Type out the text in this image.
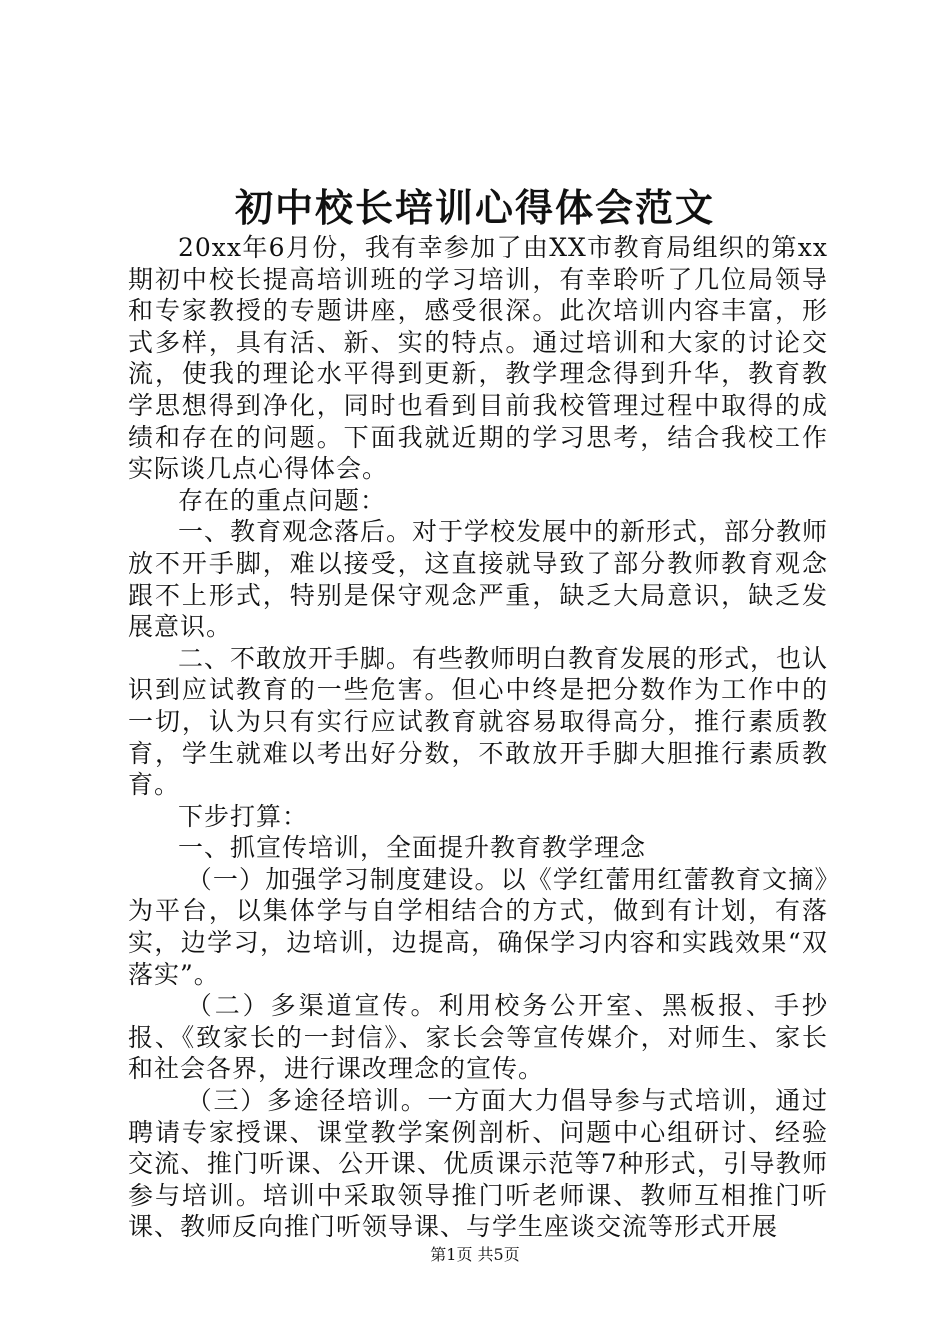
初中校长培训心得体会范文

20xx年6月份，我有幸参加了由XX市教育局组织的第xx期初中校长提高培训班的学习培训，有幸聆听了几位局领导和专家教授的专题讲座，感受很深。此次培训内容丰富，形式多样，具有活、新、实的特点。通过培训和大家的讨论交流，使我的理论水平得到更新，教学理念得到升华，教育教学思想得到净化，同时也看到目前我校管理过程中取得的成绩和存在的问题。下面我就近期的学习思考，结合我校工作实际谈几点心得体会。

存在的重点问题：

一、教育观念落后。对于学校发展中的新形式，部分教师放不开手脚，难以接受，这直接就导致了部分教师教育观念跟不上形式，特别是保守观念严重，缺乏大局意识，缺乏发展意识。

二、不敢放开手脚。有些教师明白教育发展的形式，也认识到应试教育的一些危害。但心中终是把分数作为工作中的一切，认为只有实行应试教育就容易取得高分，推行素质教育，学生就难以考出好分数，不敢放开手脚大胆推行素质教育。

下步打算：

一、抓宣传培训，全面提升教育教学理念

（一）加强学习制度建设。以《学红蕾用红蕾教育文摘》为平台，以集体学与自学相结合的方式，做到有计划，有落实，边学习，边培训，边提高，确保学习内容和实践效果“双落实”。

（二）多渠道宣传。利用校务公开室、黑板报、手抄报、《致家长的一封信》、家长会等宣传媒介，对师生、家长和社会各界，进行课改理念的宣传。

（三）多途径培训。一方面大力倡导参与式培训，通过聘请专家授课、课堂教学案例剖析、问题中心组研讨、经验交流、推门听课、公开课、优质课示范等7种形式，引导教师参与培训。培训中采取领导推门听老师课、教师互相推门听课、教师反向推门听领导课、与学生座谈交流等形式开展

第1页 共5页
